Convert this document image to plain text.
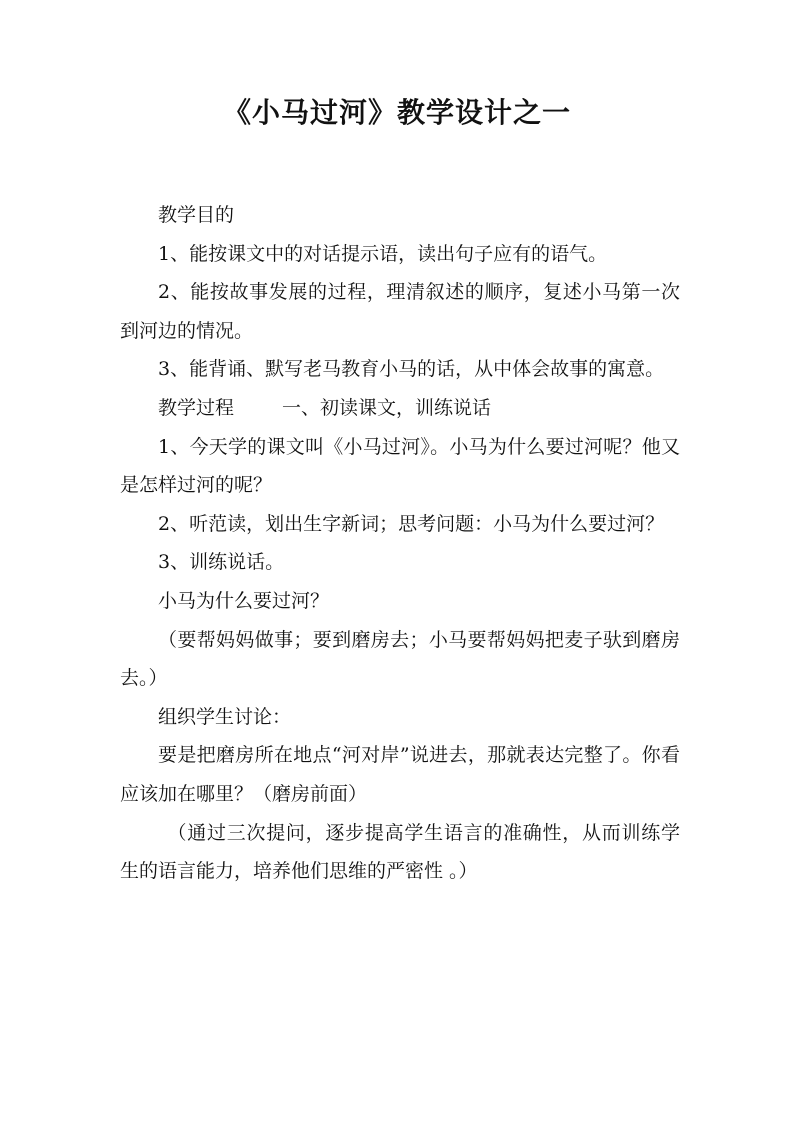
《小马过河》教学设计之一

教学目的

1、能按课文中的对话提示语，读出句子应有的语气。

2、能按故事发展的过程，理清叙述的顺序，复述小马第一次到河边的情况。

3、能背诵、默写老马教育小马的话，从中体会故事的寓意。

教学过程	一、初读课文，训练说话

1、今天学的课文叫《小马过河》。小马为什么要过河呢？他又是怎样过河的呢？

2、听范读，划出生字新词；思考问题：小马为什么要过河？

3、训练说话。

小马为什么要过河？

（要帮妈妈做事；要到磨房去；小马要帮妈妈把麦子驮到磨房去。）

组织学生讨论：

要是把磨房所在地点“河对岸”说进去，那就表达完整了。你看应该加在哪里？（磨房前面）

（通过三次提问，逐步提高学生语言的准确性，从而训练学生的语言能力，培养他们思维的严密性 。）
